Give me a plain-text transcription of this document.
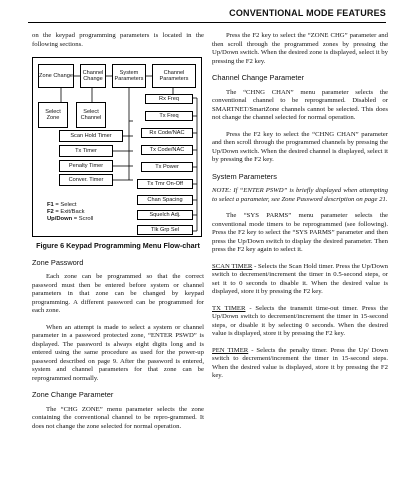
CONVENTIONAL MODE FEATURES

on the keypad programming parameters is located in the following sections.

Zone Change
Channel Change
System Parameters
Channel Parameters
Select Zone
Select Channel
Scan Hold Timer
Tx Timer
Penalty Timer
Conver. Timer
Rx Freq
Tx Freq
Rx Code/NAC
Tx Code/NAC
Tx Power
Tx Tmr On-Off
Chan Spacing
Squelch Adj.
Tlk Grp Sel
F1 = Select
F2 = Exit/Back
Up/Down = Scroll
Figure 6 Keypad Programming Menu Flow-chart
Zone Password

Each zone can be programmed so that the correct password must then be entered before system or channel parameters in that zone can be changed by keypad programming. A different password can be programmed for each zone.

When an attempt is made to select a system or channel parameter in a password protected zone, “ENTER PSWD” is displayed. The password is always eight digits long and is entered using the same procedure as used for the power-up password described on page 9. After the password is entered, system and channel parameters for that zone can be reprogrammed normally.

Zone Change Parameter

The “CHG ZONE” menu parameter selects the zone containing the conventional channel to be repro-grammed. It does not change the zone selected for normal operation.

Press the F2 key to select the “ZONE CHG” parameter and then scroll through the programmed zones by pressing the Up/Down switch. When the desired zone is displayed, select it by pressing the F2 key.

Channel Change Parameter

The “CHNG CHAN” menu parameter selects the conventional channel to be reprogrammed. Disabled or SMARTNET/SmartZone channels cannot be selected. This does not change the channel selected for normal operation.

Press the F2 key to select the “CHNG CHAN” parameter and then scroll through the programmed channels by pressing the Up/Down switch. When the desired channel is displayed, select it by pressing the F2 key.

System Parameters

NOTE: If “ENTER PSWD” is briefly displayed when attempting to select a parameter, see Zone Password description on page 21.

The “SYS PARMS” menu parameter selects the conventional mode timers to be reprogrammed (see following). Press the F2 key to select the “SYS PARMS” parameter and then press the Up/Down switch to display the desired parameter. Then press the F2 key again to select it.

SCAN TIMER - Selects the Scan Hold timer. Press the Up/Down switch to decrement/increment the timer in 0.5-second steps, or set it to 0 seconds to disable it. When the desired value is displayed, store it by pressing the F2 key.

TX TIMER - Selects the transmit time-out timer. Press the Up/Down switch to decrement/increment the timer in 15-second steps, or disable it by selecting 0 seconds. When the desired value is displayed, store it by pressing the F2 key.

PEN TIMER - Selects the penalty timer. Press the Up/ Down switch to decrement/increment the timer in 15-second steps. When the desired value is displayed, store it by pressing the F2 key.
